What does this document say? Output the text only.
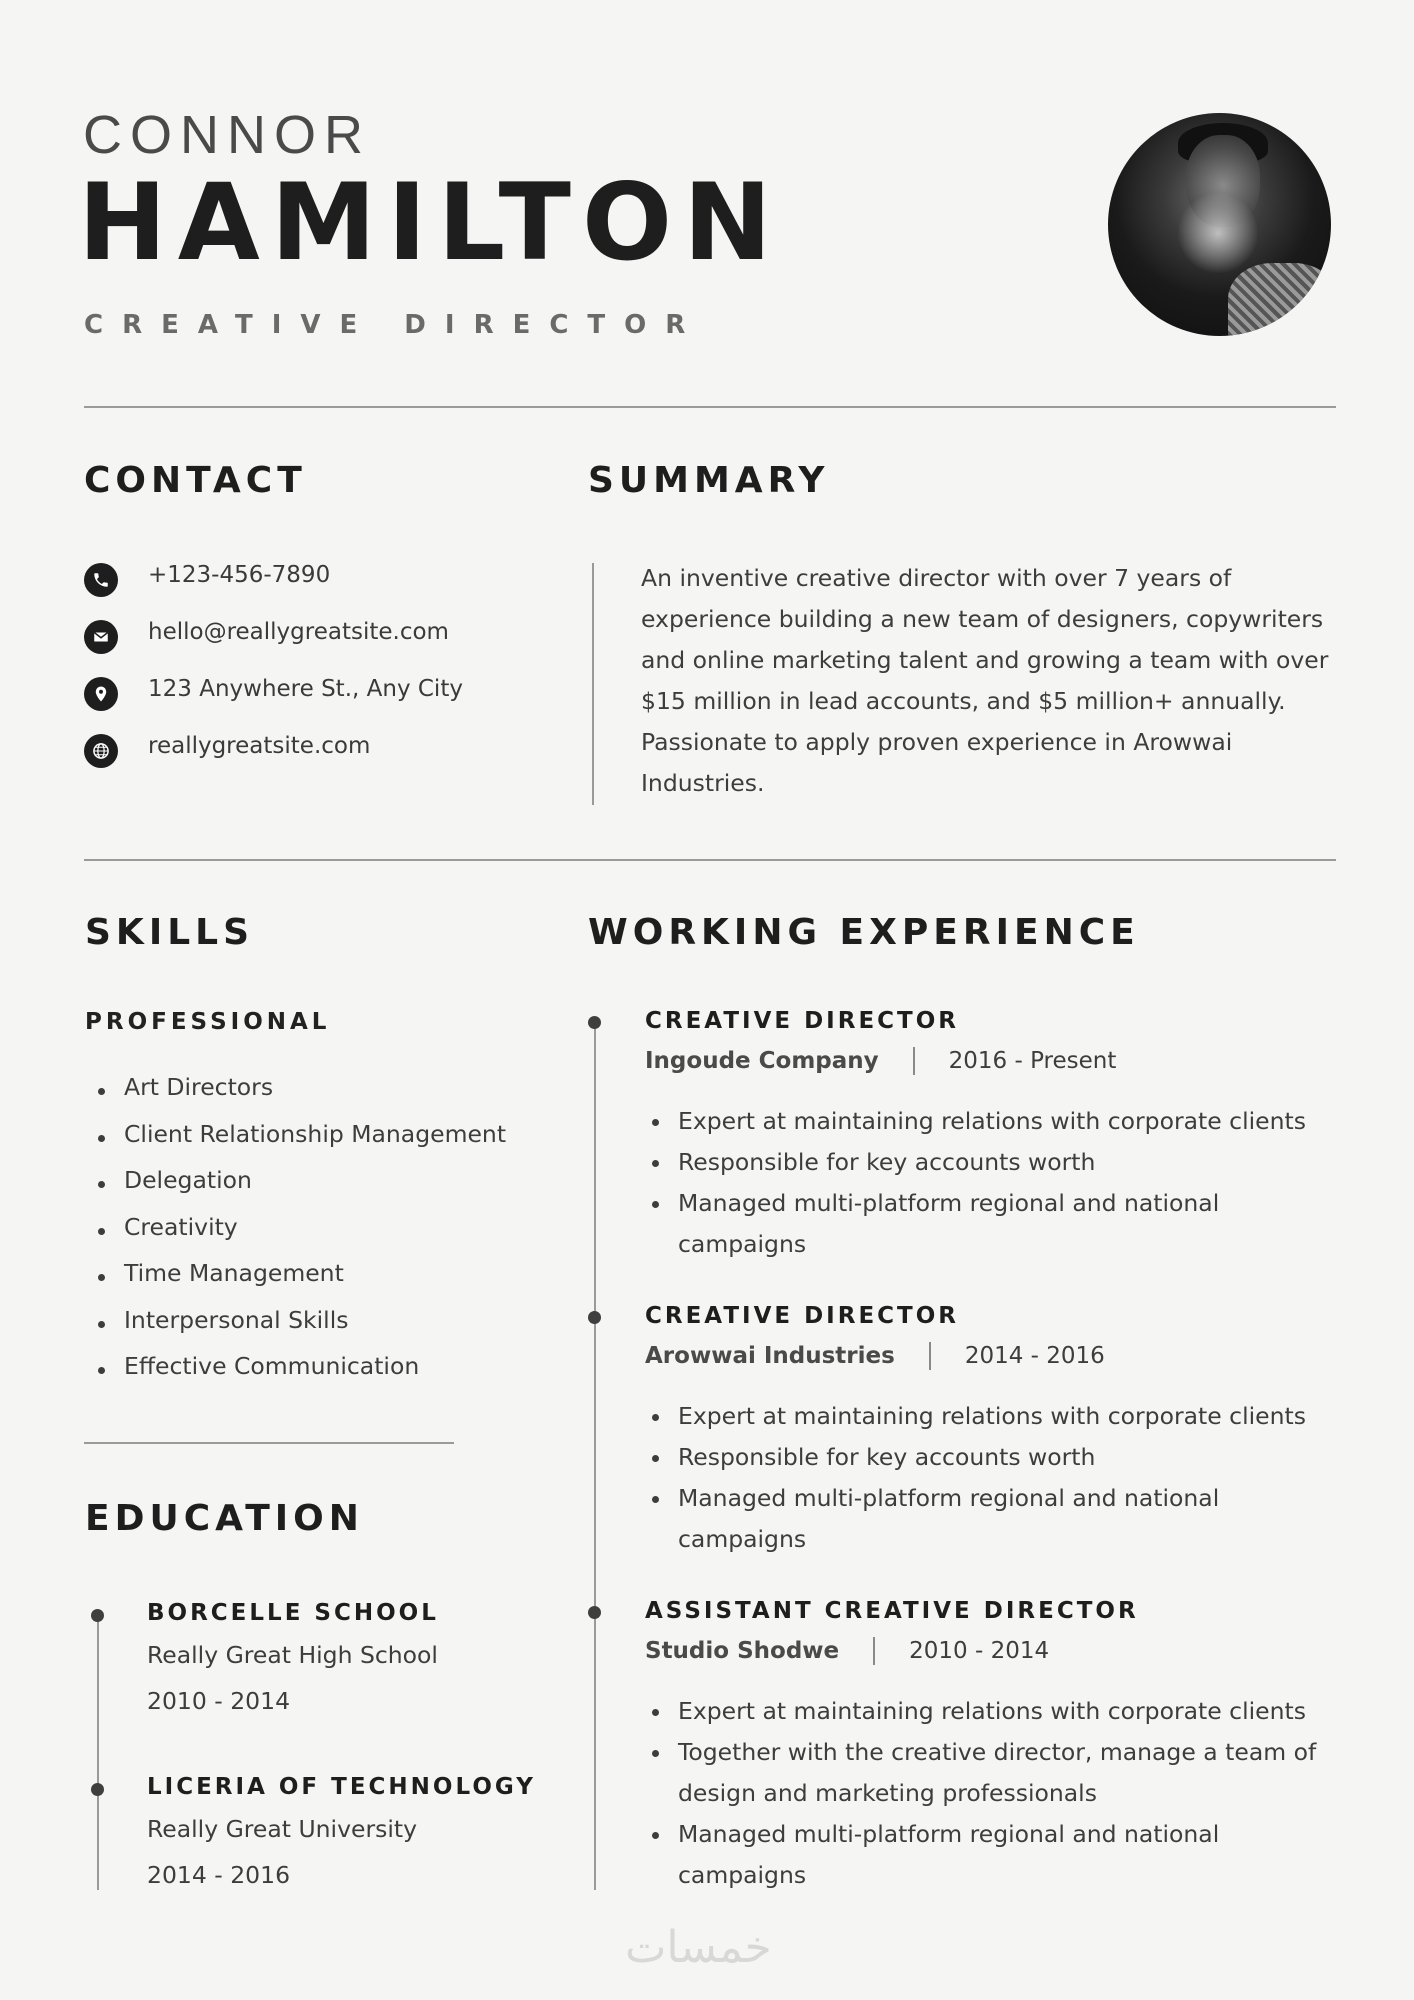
CONNOR
HAMILTON
CREATIVE DIRECTOR
CONTACT
+123-456-7890
hello@reallygreatsite.com
123 Anywhere St., Any City
reallygreatsite.com
SUMMARY
An inventive creative director with over 7 years of experience building a new team of designers, copywriters and online marketing talent and growing a team with over $15 million in lead accounts, and $5 million+ annually. Passionate to apply proven experience in Arowwai Industries.
SKILLS
PROFESSIONAL
Art Directors
Client Relationship Management
Delegation
Creativity
Time Management
Interpersonal Skills
Effective Communication
EDUCATION
BORCELLE SCHOOL
Really Great High School
2010 - 2014
LICERIA OF TECHNOLOGY
Really Great University
2014 - 2016
WORKING EXPERIENCE
CREATIVE DIRECTOR
Ingoude Company	2016 - Present
Expert at maintaining relations with corporate clients
Responsible for key accounts worth
Managed multi-platform regional and national campaigns
CREATIVE DIRECTOR
Arowwai Industries	2014 - 2016
Expert at maintaining relations with corporate clients
Responsible for key accounts worth
Managed multi-platform regional and national campaigns
ASSISTANT CREATIVE DIRECTOR
Studio Shodwe	2010 - 2014
Expert at maintaining relations with corporate clients
Together with the creative director, manage a team of design and marketing professionals
Managed multi-platform regional and national campaigns
خمسات
